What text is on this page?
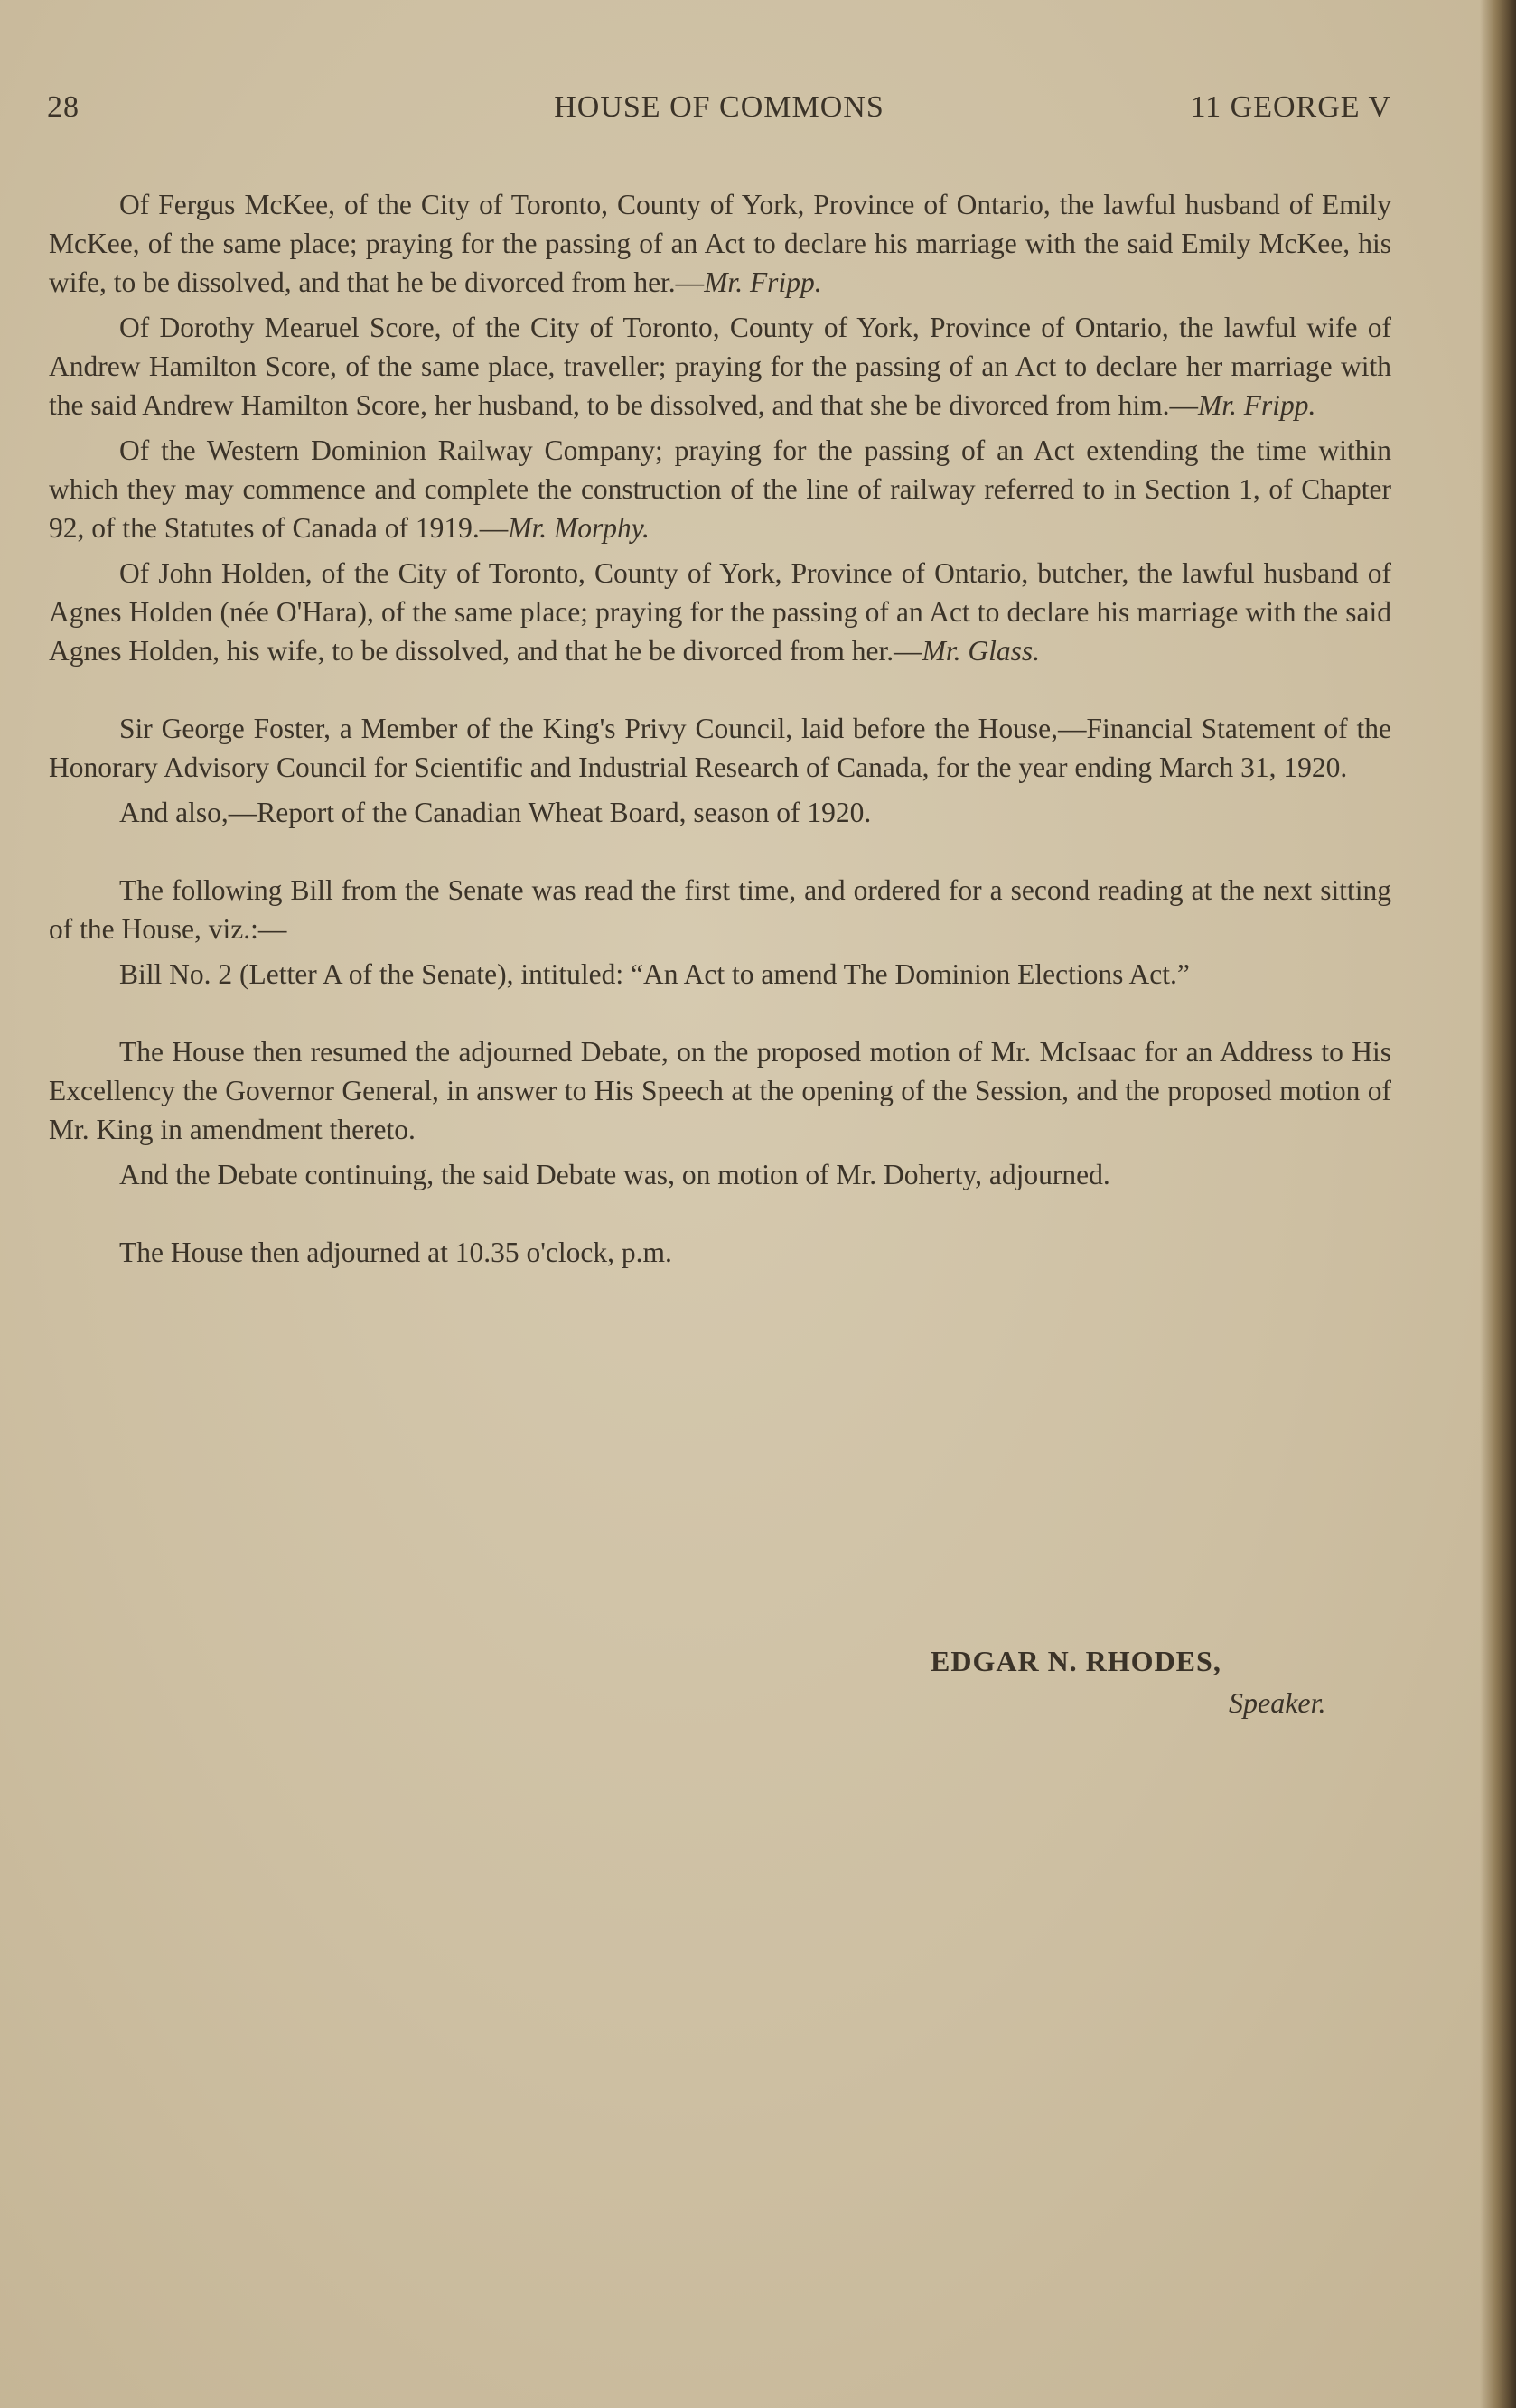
28	HOUSE OF COMMONS	11 GEORGE V

Of Fergus McKee, of the City of Toronto, County of York, Province of Ontario, the lawful husband of Emily McKee, of the same place; praying for the passing of an Act to declare his marriage with the said Emily McKee, his wife, to be dissolved, and that he be divorced from her.—Mr. Fripp.

Of Dorothy Mearuel Score, of the City of Toronto, County of York, Province of Ontario, the lawful wife of Andrew Hamilton Score, of the same place, traveller; praying for the passing of an Act to declare her marriage with the said Andrew Hamilton Score, her husband, to be dissolved, and that she be divorced from him.—Mr. Fripp.

Of the Western Dominion Railway Company; praying for the passing of an Act extending the time within which they may commence and complete the construction of the line of railway referred to in Section 1, of Chapter 92, of the Statutes of Canada of 1919.—Mr. Morphy.

Of John Holden, of the City of Toronto, County of York, Province of Ontario, butcher, the lawful husband of Agnes Holden (née O'Hara), of the same place; praying for the passing of an Act to declare his marriage with the said Agnes Holden, his wife, to be dissolved, and that he be divorced from her.—Mr. Glass.

Sir George Foster, a Member of the King's Privy Council, laid before the House,—Financial Statement of the Honorary Advisory Council for Scientific and Industrial Research of Canada, for the year ending March 31, 1920.

And also,—Report of the Canadian Wheat Board, season of 1920.

The following Bill from the Senate was read the first time, and ordered for a second reading at the next sitting of the House, viz.:—

Bill No. 2 (Letter A of the Senate), intituled: “An Act to amend The Dominion Elections Act.”

The House then resumed the adjourned Debate, on the proposed motion of Mr. McIsaac for an Address to His Excellency the Governor General, in answer to His Speech at the opening of the Session, and the proposed motion of Mr. King in amendment thereto.

And the Debate continuing, the said Debate was, on motion of Mr. Doherty, adjourned.

The House then adjourned at 10.35 o'clock, p.m.

EDGAR N. RHODES,
Speaker.
